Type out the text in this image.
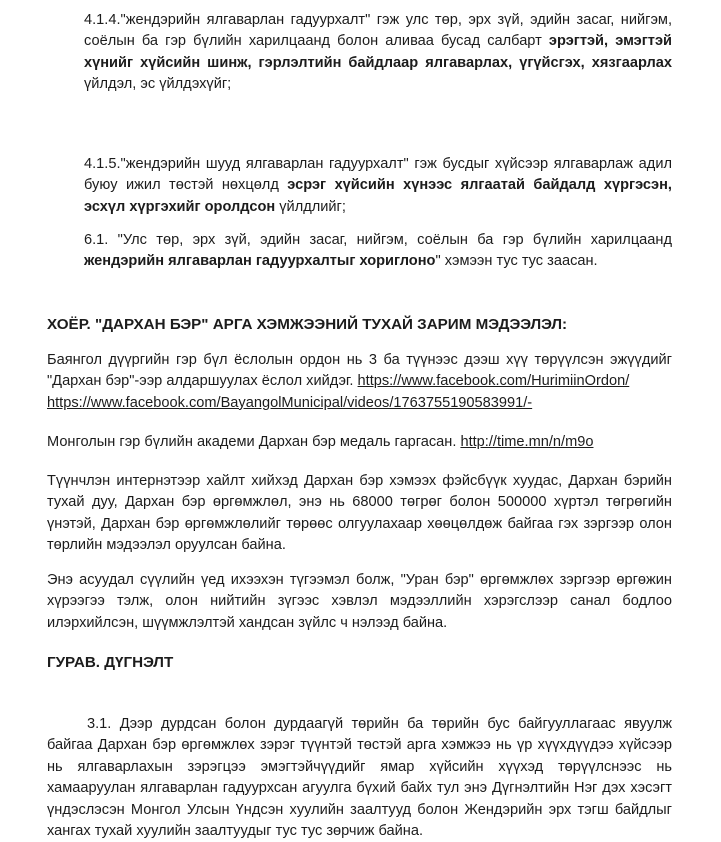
4.1.4."жендэрийн ялгаварлан гадуурхалт" гэж улс төр, эрх зүй, эдийн засаг, нийгэм, соёлын ба гэр бүлийн харилцаанд болон аливаа бусад салбарт эрэгтэй, эмэгтэй хүнийг хүйсийн шинж, гэрлэлтийн байдлаар ялгаварлах, үгүйсгэх, хязгаарлах үйлдэл, эс үйлдэхүйг;

4.1.5."жендэрийн шууд ялгаварлан гадуурхалт" гэж бусдыг хүйсээр ялгаварлаж адил буюу ижил төстэй нөхцөлд эсрэг хүйсийн хүнээс ялгаатай байдалд хүргэсэн, эсхүл хүргэхийг оролдсон үйлдлийг;

6.1. "Улс төр, эрх зүй, эдийн засаг, нийгэм, соёлын ба гэр бүлийн харилцаанд жендэрийн ялгаварлан гадуурхалтыг хориглоно" хэмээн тус тус заасан.

ХОЁР. "ДАРХАН БЭР" АРГА ХЭМЖЭЭНИЙ ТУХАЙ ЗАРИМ МЭДЭЭЛЭЛ:

Баянгол дүүргийн гэр бүл ёслолын ордон нь 3 ба түүнээс дээш хүү төрүүлсэн эжүүдийг "Дархан бэр"-ээр алдаршуулах ёслол хийдэг. https://www.facebook.com/HurimiinOrdon/
https://www.facebook.com/BayangolMunicipal/videos/1763755190583991/-

Монголын гэр бүлийн академи Дархан бэр медаль гаргасан. http://time.mn/n/m9o

Түүнчлэн интернэтээр хайлт хийхэд Дархан бэр хэмээх фэйсбүүк хуудас, Дархан бэрийн тухай дуу, Дархан бэр өргөмжлөл, энэ нь 68000 төгрөг болон 500000 хүртэл төгрөгийн үнэтэй, Дархан бэр өргөмжлөлийг төрөөс олгуулахаар хөөцөлдөж байгаа гэх зэргээр олон төрлийн мэдээлэл оруулсан байна.

Энэ асуудал сүүлийн үед ихээхэн түгээмэл болж, "Уран бэр" өргөмжлөх зэргээр өргөжин хүрээгээ тэлж, олон нийтийн зүгээс хэвлэл мэдээллийн хэрэгслээр санал бодлоо илэрхийлсэн, шүүмжлэлтэй хандсан зүйлс ч нэлээд байна.

ГУРАВ. ДҮГНЭЛТ

3.1. Дээр дурдсан болон дурдаагүй төрийн ба төрийн бус байгууллагаас явуулж байгаа Дархан бэр өргөмжлөх зэрэг түүнтэй төстэй арга хэмжээ нь үр хүүхдүүдээ хүйсээр нь ялгаварлахын зэрэгцээ эмэгтэйчүүдийг ямар хүйсийн хүүхэд төрүүлснээс нь хамааруулан ялгаварлан гадуурхсан агуулга бүхий байх тул энэ Дүгнэлтийн Нэг дэх хэсэгт үндэслэсэн Монгол Улсын Үндсэн хуулийн заалтууд болон Жендэрийн эрх тэгш байдлыг хангах тухай хуулийн заалтуудыг тус тус зөрчиж байна.
